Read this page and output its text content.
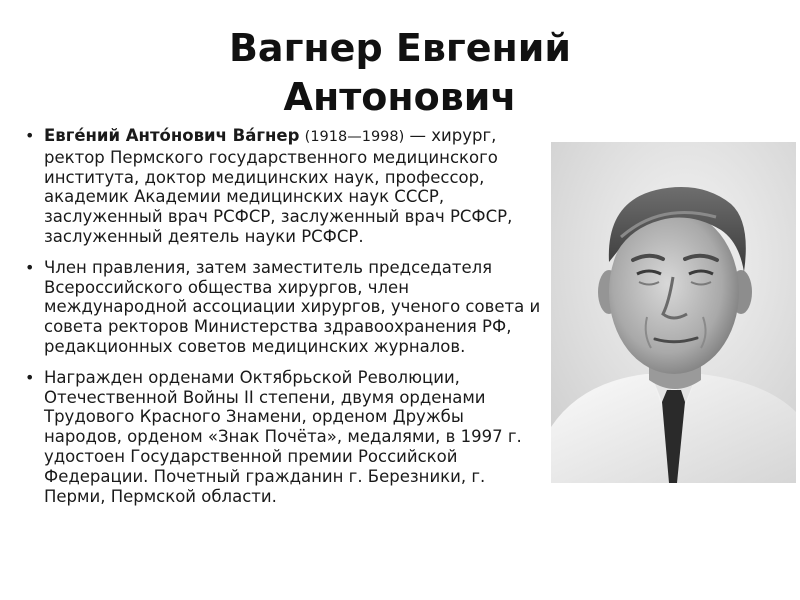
Вагнер Евгений
Антонович
• Евге́ний Анто́нович Ва́гнер (1918—1998) — хирург, ректор Пермского государственного медицинского института, доктор медицинских наук, профессор, академик Академии медицинских наук СССР, заслуженный врач РСФСР, заслуженный врач РСФСР, заслуженный деятель науки РСФСР.
• Член правления, затем заместитель председателя Всероссийского общества хирургов, член международной ассоциации хирургов, ученого совета и совета ректоров Министерства здравоохранения РФ, редакционных советов медицинских журналов.
• Награжден орденами Октябрьской Революции, Отечественной Войны II степени, двумя орденами Трудового Красного Знамени, орденом Дружбы народов, орденом «Знак Почёта», медалями, в 1997 г. удостоен Государственной премии Российской Федерации. Почетный гражданин г. Березники, г. Перми, Пермской области.
